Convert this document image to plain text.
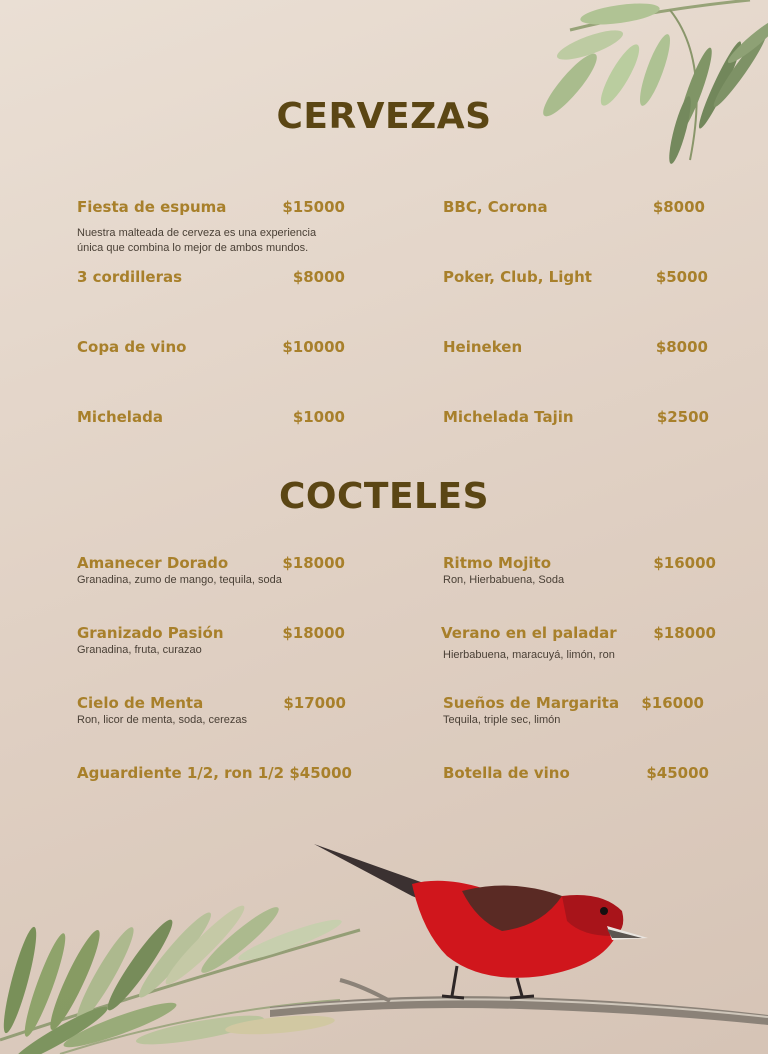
CERVEZAS
Fiesta de espuma	$15000
Nuestra malteada de cerveza es una experiencia
única que combina lo mejor de ambos mundos.
3 cordilleras	$8000
Copa de vino	$10000
Michelada	$1000
BBC, Corona	$8000
Poker, Club, Light	$5000
Heineken	$8000
Michelada Tajin	$2500
COCTELES
Amanecer Dorado	$18000
Granadina, zumo de mango, tequila, soda
Granizado Pasión	$18000
Granadina, fruta, curazao
Cielo de Menta	$17000
Ron, licor de menta, soda, cerezas
Aguardiente 1/2, ron 1/2 $45000
Ritmo Mojito	$16000
Ron, Hierbabuena, Soda
Verano en el paladar $18000
Hierbabuena, maracuyá, limón, ron
Sueños de Margarita $16000
Tequila, triple sec, limón
Botella de vino	$45000
